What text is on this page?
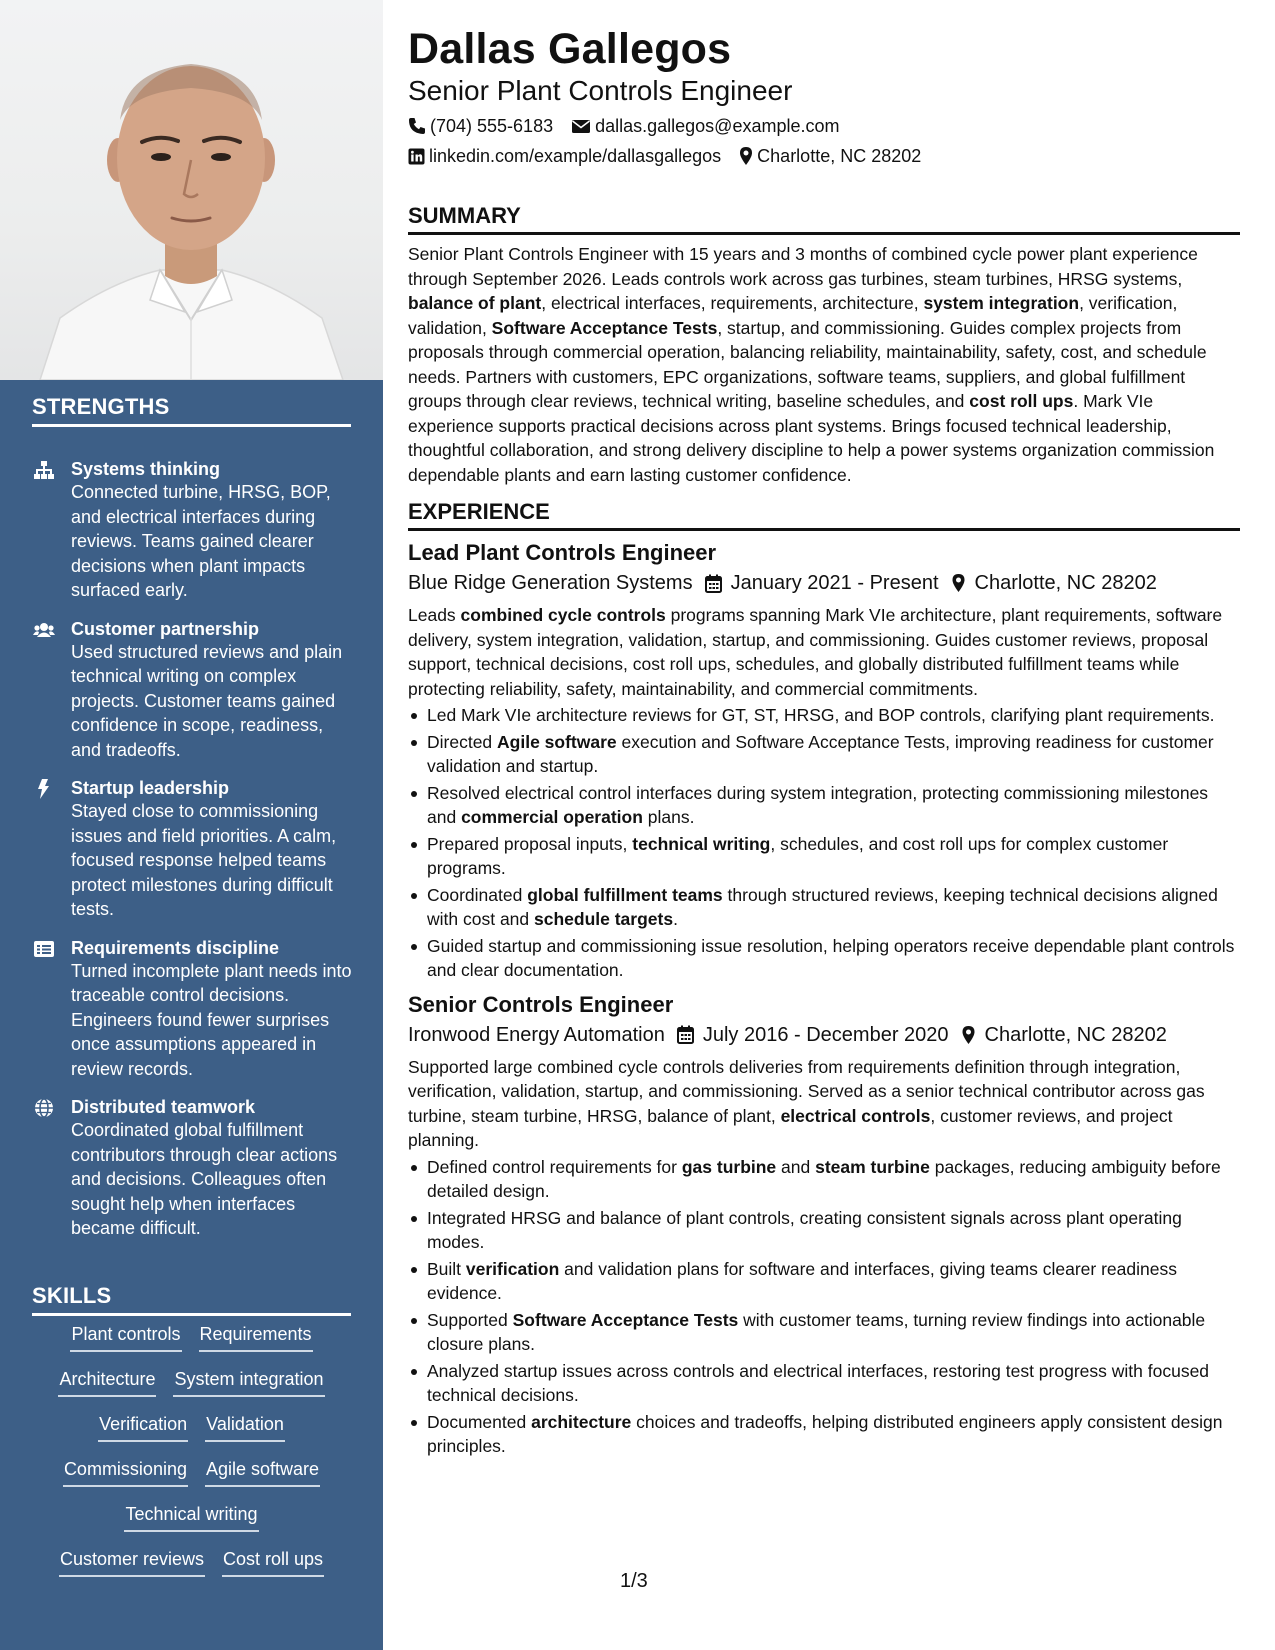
STRENGTHS
Systems thinking
Connected turbine, HRSG, BOP, and electrical interfaces during reviews. Teams gained clearer decisions when plant impacts surfaced early.
Customer partnership
Used structured reviews and plain technical writing on complex projects. Customer teams gained confidence in scope, readiness, and tradeoffs.
Startup leadership
Stayed close to commissioning issues and field priorities. A calm, focused response helped teams protect milestones during difficult tests.
Requirements discipline
Turned incomplete plant needs into traceable control decisions. Engineers found fewer surprises once assumptions appeared in review records.
Distributed teamwork
Coordinated global fulfillment contributors through clear actions and decisions. Colleagues often sought help when interfaces became difficult.
SKILLS
Plant controls Requirements
Architecture System integration
Verification Validation
Commissioning Agile software
Technical writing
Customer reviews Cost roll ups
Dallas Gallegos
Senior Plant Controls Engineer
(704) 555-6183 dallas.gallegos@example.com
linkedin.com/example/dallasgallegos Charlotte, NC 28202
SUMMARY

Senior Plant Controls Engineer with 15 years and 3 months of combined cycle power plant experience through September 2026. Leads controls work across gas turbines, steam turbines, HRSG systems, balance of plant, electrical interfaces, requirements, architecture, system integration, verification, validation, Software Acceptance Tests, startup, and commissioning. Guides complex projects from proposals through commercial operation, balancing reliability, maintainability, safety, cost, and schedule needs. Partners with customers, EPC organizations, software teams, suppliers, and global fulfillment groups through clear reviews, technical writing, baseline schedules, and cost roll ups. Mark VIe experience supports practical decisions across plant systems. Brings focused technical leadership, thoughtful collaboration, and strong delivery discipline to help a power systems organization commission dependable plants and earn lasting customer confidence.

EXPERIENCE
Lead Plant Controls Engineer
Blue Ridge Generation Systems January 2021 - Present Charlotte, NC 28202

Leads combined cycle controls programs spanning Mark VIe architecture, plant requirements, software delivery, system integration, validation, startup, and commissioning. Guides customer reviews, proposal support, technical decisions, cost roll ups, schedules, and globally distributed fulfillment teams while protecting reliability, safety, maintainability, and commercial commitments.

Led Mark VIe architecture reviews for GT, ST, HRSG, and BOP controls, clarifying plant requirements.
Directed Agile software execution and Software Acceptance Tests, improving readiness for customer validation and startup.
Resolved electrical control interfaces during system integration, protecting commissioning milestones and commercial operation plans.
Prepared proposal inputs, technical writing, schedules, and cost roll ups for complex customer programs.
Coordinated global fulfillment teams through structured reviews, keeping technical decisions aligned with cost and schedule targets.
Guided startup and commissioning issue resolution, helping operators receive dependable plant controls and clear documentation.
Senior Controls Engineer
Ironwood Energy Automation July 2016 - December 2020 Charlotte, NC 28202

Supported large combined cycle controls deliveries from requirements definition through integration, verification, validation, startup, and commissioning. Served as a senior technical contributor across gas turbine, steam turbine, HRSG, balance of plant, electrical controls, customer reviews, and project planning.

Defined control requirements for gas turbine and steam turbine packages, reducing ambiguity before detailed design.
Integrated HRSG and balance of plant controls, creating consistent signals across plant operating modes.
Built verification and validation plans for software and interfaces, giving teams clearer readiness evidence.
Supported Software Acceptance Tests with customer teams, turning review findings into actionable closure plans.
Analyzed startup issues across controls and electrical interfaces, restoring test progress with focused technical decisions.
Documented architecture choices and tradeoffs, helping distributed engineers apply consistent design principles.
1/3
